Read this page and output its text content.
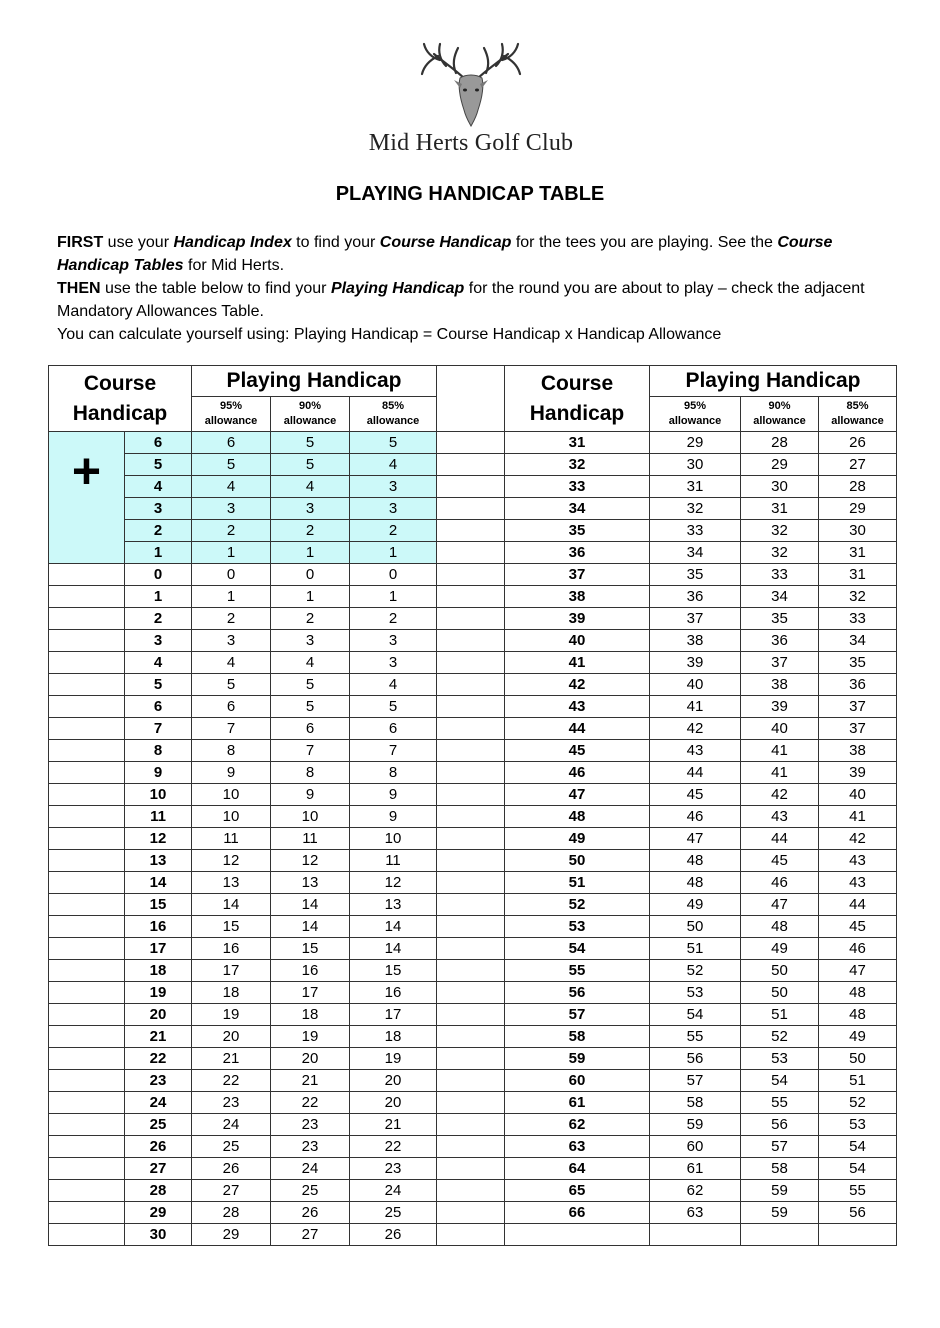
Mid Herts Golf Club
PLAYING HANDICAP TABLE

FIRST use your Handicap Index to find your Course Handicap for the tees you are playing. See the Course Handicap Tables for Mid Herts.

THEN use the table below to find your Playing Handicap for the round you are about to play – check the adjacent Mandatory Allowances Table.

You can calculate yourself using: Playing Handicap = Course Handicap x Handicap Allowance

Course
Handicap		Playing Handicap			
		95%
allowance	90%
allowance	85%
allowance	
+	6	6	5	5	
	5	5	5	4	
	4	4	4	3	
	3	3	3	3	
	2	2	2	2	
	1	1	1	1	
	0	0	0	0	
	1	1	1	1	
	2	2	2	2	
	3	3	3	3	
	4	4	4	3	
	5	5	5	4	
	6	6	5	5	
	7	7	6	6	
	8	8	7	7	
	9	9	8	8	
	10	10	9	9	
	11	10	10	9	
	12	11	11	10	
	13	12	12	11	
	14	13	13	12	
	15	14	14	13	
	16	15	14	14	
	17	16	15	14	
	18	17	16	15	
	19	18	17	16	
	20	19	18	17	
	21	20	19	18	
	22	21	20	19	
	23	22	21	20	
	24	23	22	20	
	25	24	23	21	
	26	25	23	22	
	27	26	24	23	
	28	27	25	24	
	29	28	26	25	
	30	29	27	26	
Course
Handicap	Playing Handicap		
	95%
allowance	90%
allowance	85%
allowance
31	29	28	26
32	30	29	27
33	31	30	28
34	32	31	29
35	33	32	30
36	34	32	31
37	35	33	31
38	36	34	32
39	37	35	33
40	38	36	34
41	39	37	35
42	40	38	36
43	41	39	37
44	42	40	37
45	43	41	38
46	44	41	39
47	45	42	40
48	46	43	41
49	47	44	42
50	48	45	43
51	48	46	43
52	49	47	44
53	50	48	45
54	51	49	46
55	52	50	47
56	53	50	48
57	54	51	48
58	55	52	49
59	56	53	50
60	57	54	51
61	58	55	52
62	59	56	53
63	60	57	54
64	61	58	54
65	62	59	55
66	63	59	56
